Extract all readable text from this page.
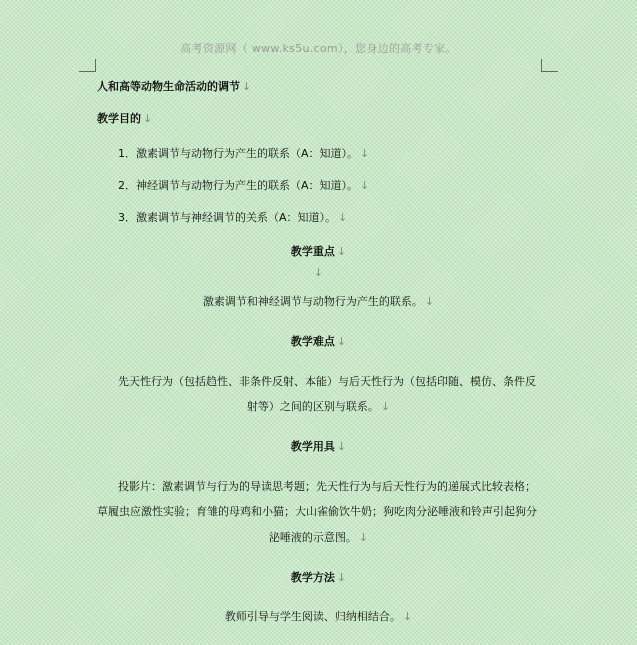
高考资源网（ www.ks5u.com），您身边的高考专家。
人和高等动物生命活动的调节 ↓
教学目的 ↓
1．激素调节与动物行为产生的联系（A：知道）。 ↓
2．神经调节与动物行为产生的联系（A：知道）。 ↓
3．激素调节与神经调节的关系（A：知道）。 ↓
教学重点 ↓
↓
激素调节和神经调节与动物行为产生的联系。 ↓
教学难点 ↓
先天性行为（包括趋性、非条件反射、本能）与后天性行为（包括印随、模仿、条件反
射等）之间的区别与联系。 ↓
教学用具 ↓
投影片：激素调节与行为的导读思考题；先天性行为与后天性行为的递展式比较表格；
草履虫应激性实验；育雏的母鸡和小猫；大山雀偷饮牛奶；狗吃肉分泌唾液和铃声引起狗分
泌唾液的示意图。 ↓
教学方法 ↓
教师引导与学生阅读、归纳相结合。 ↓
